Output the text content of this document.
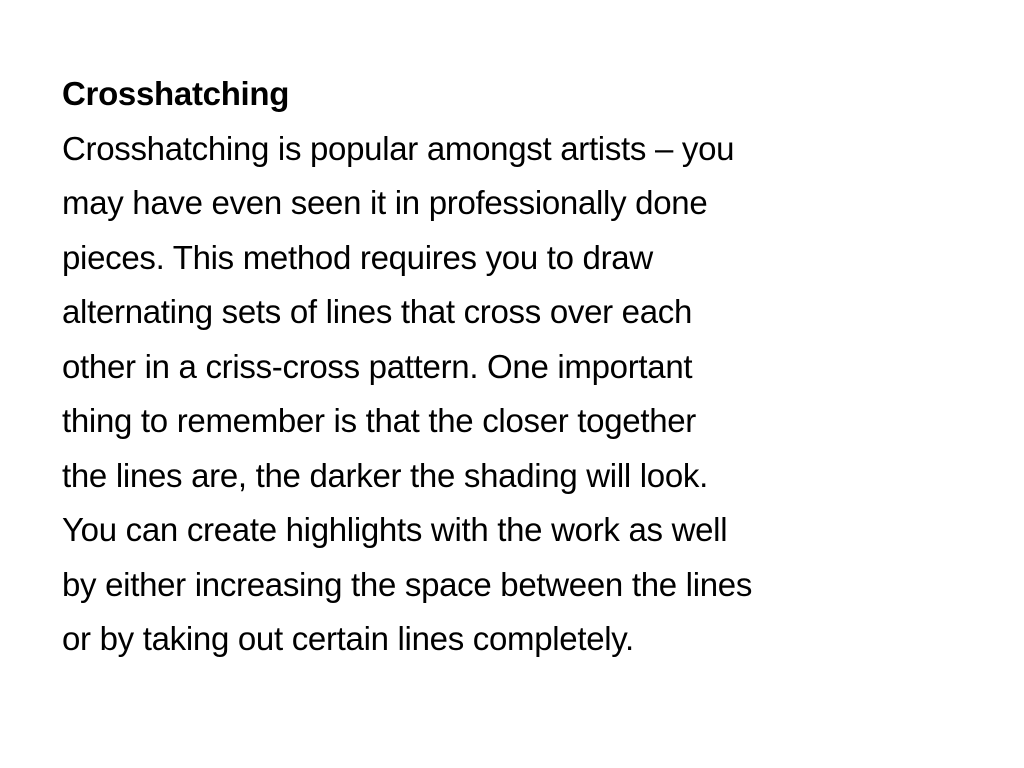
Crosshatching
Crosshatching is popular amongst artists – you
may have even seen it in professionally done
pieces. This method requires you to draw
alternating sets of lines that cross over each
other in a criss-cross pattern. One important
thing to remember is that the closer together
the lines are, the darker the shading will look.
You can create highlights with the work as well
by either increasing the space between the lines
or by taking out certain lines completely.
